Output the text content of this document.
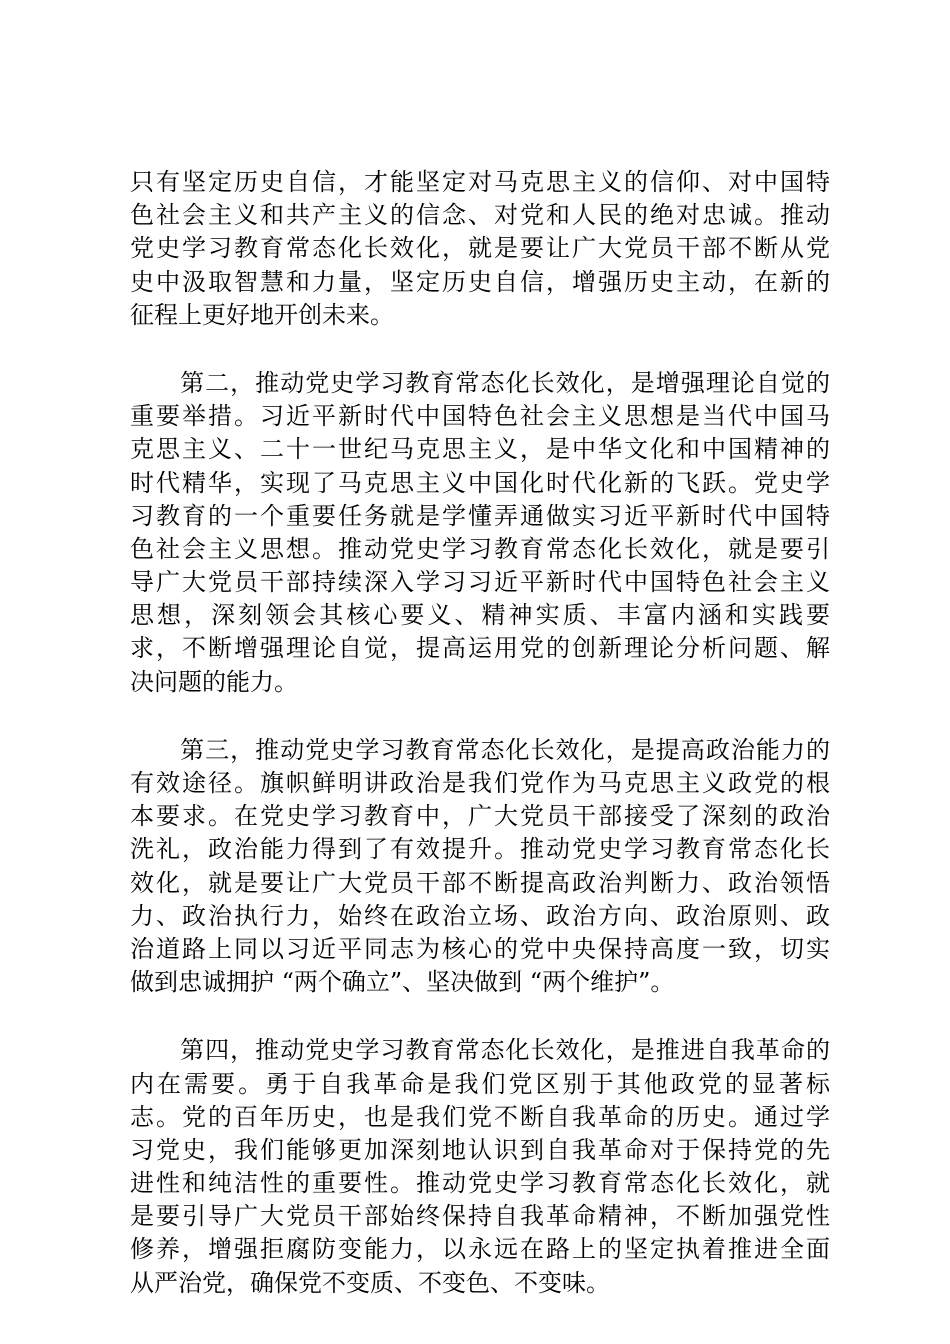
只有坚定历史自信，才能坚定对马克思主义的信仰、对中国特
色社会主义和共产主义的信念、对党和人民的绝对忠诚。推动
党史学习教育常态化长效化，就是要让广大党员干部不断从党
史中汲取智慧和力量，坚定历史自信，增强历史主动，在新的
征程上更好地开创未来。
　　第二，推动党史学习教育常态化长效化，是增强理论自觉的
重要举措。习近平新时代中国特色社会主义思想是当代中国马
克思主义、二十一世纪马克思主义，是中华文化和中国精神的
时代精华，实现了马克思主义中国化时代化新的飞跃。党史学
习教育的一个重要任务就是学懂弄通做实习近平新时代中国特
色社会主义思想。推动党史学习教育常态化长效化，就是要引
导广大党员干部持续深入学习习近平新时代中国特色社会主义
思想，深刻领会其核心要义、精神实质、丰富内涵和实践要
求，不断增强理论自觉，提高运用党的创新理论分析问题、解
决问题的能力。
　　第三，推动党史学习教育常态化长效化，是提高政治能力的
有效途径。旗帜鲜明讲政治是我们党作为马克思主义政党的根
本要求。在党史学习教育中，广大党员干部接受了深刻的政治
洗礼，政治能力得到了有效提升。推动党史学习教育常态化长
效化，就是要让广大党员干部不断提高政治判断力、政治领悟
力、政治执行力，始终在政治立场、政治方向、政治原则、政
治道路上同以习近平同志为核心的党中央保持高度一致，切实
做到忠诚拥护 “两个确立”、坚决做到 “两个维护”。
　　第四，推动党史学习教育常态化长效化，是推进自我革命的
内在需要。勇于自我革命是我们党区别于其他政党的显著标
志。党的百年历史，也是我们党不断自我革命的历史。通过学
习党史，我们能够更加深刻地认识到自我革命对于保持党的先
进性和纯洁性的重要性。推动党史学习教育常态化长效化，就
是要引导广大党员干部始终保持自我革命精神，不断加强党性
修养，增强拒腐防变能力，以永远在路上的坚定执着推进全面
从严治党，确保党不变质、不变色、不变味。
